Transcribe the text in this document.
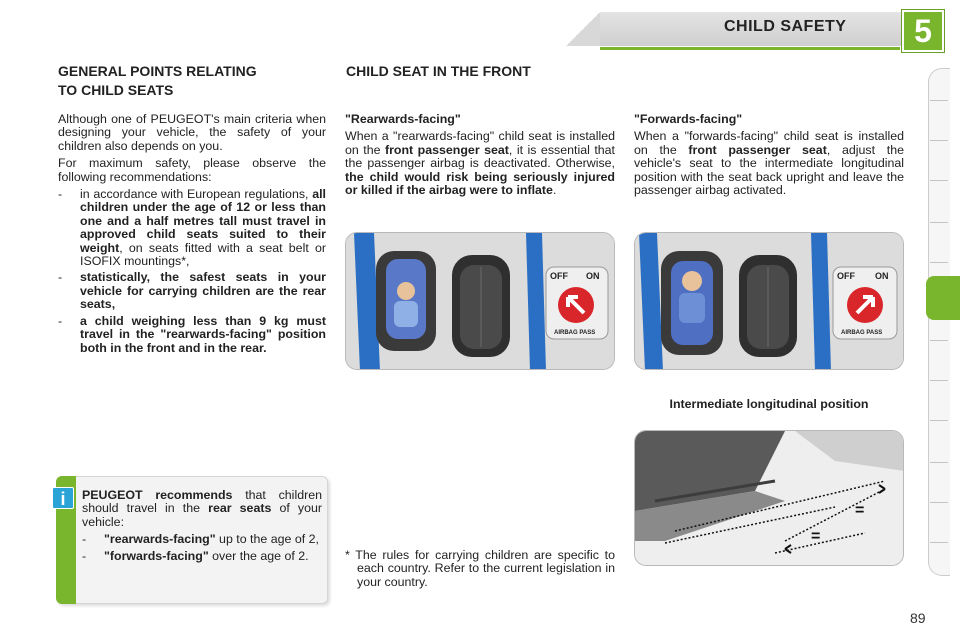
CHILD SAFETY	5
GENERAL POINTS RELATING
TO CHILD SEATS

Although one of PEUGEOT's main criteria when designing your vehicle, the safety of your children also depends on you.

For maximum safety, please observe the following recommendations:

- in accordance with European regulations, all children under the age of 12 or less than one and a half metres tall must travel in approved child seats suited to their weight, on seats fitted with a seat belt or ISOFIX mountings*,
- statistically, the safest seats in your vehicle for carrying children are the rear seats,
- a child weighing less than 9 kg must travel in the "rearwards-facing" position both in the front and in the rear.
i	PEUGEOT recommends that children should travel in the rear seats of your vehicle:

- "rearwards-facing" up to the age of 2,
- "forwards-facing" over the age of 2.
CHILD SEAT IN THE FRONT
"Rearwards-facing"

When a "rearwards-facing" child seat is installed on the front passenger seat, it is essential that the passenger airbag is deactivated. Otherwise, the child would risk being seriously injured or killed if the airbag were to inflate.

"Forwards-facing"

When a "forwards-facing" child seat is installed on the front passenger seat, adjust the vehicle's seat to the intermediate longitudinal position with the seat back upright and leave the passenger airbag activated.

OFF ON
AIRBAG PASS
OFF ON
AIRBAG PASS
Intermediate longitudinal position
=
=
* The rules for carrying children are specific to each country. Refer to the current legislation in your country.
89
